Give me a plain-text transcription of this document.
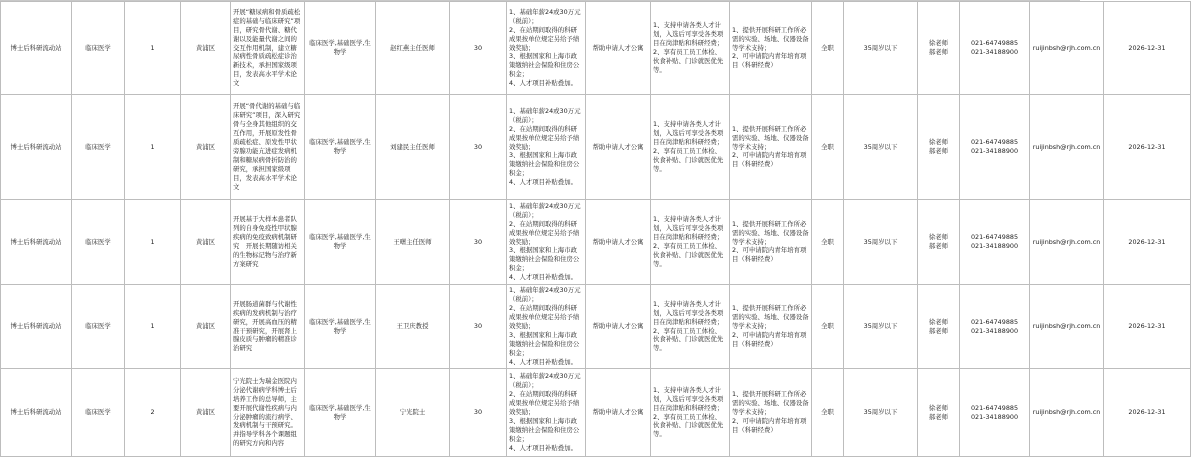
博士后科研流动站	临床医学	1	黄浦区	开展“糖尿病和骨质疏松症的基础与临床研究”项目，研究骨代谢、糖代谢以及能量代谢之间的交互作用机制，建立糖尿病性骨质疏松症诊治新技术，承担国家级项目，发表高水平学术论文	临床医学,基础医学,生物学	赵红燕主任医师	30	1、基础年薪24或30万元（税前）；
2、在站期间取得的科研成果按单位规定另给予绩效奖励；
3、根据国家和上海市政策缴纳社会保险和住房公积金；
4、人才项目补贴叠加。	帮助申请人才公寓	1、支持申请各类人才计划，入选后可享受各类项目在岗津贴和科研经费；
2、享有员工员工体检、伙食补贴、门诊就医优先等。	1、提供开展科研工作所必需的实验、场地、仪器设备等学术支持；
2、可申请院内青年培育项目（科研经费）	全职	35周岁以下	徐老师
郝老师	021-64749885
021-34188900	ruijinbsh@rjh.com.cn	2026-12-31
博士后科研流动站	临床医学	1	黄浦区	开展“骨代谢的基础与临床研究”项目，深入研究骨与全身其他组织的交互作用，开展原发性骨质疏松症、原发性甲状旁腺功能亢进症发病机制和糖尿病骨折防治的研究，承担国家级项目，发表高水平学术论文	临床医学,基础医学,生物学	刘建民主任医师	30	1、基础年薪24或30万元（税前）；
2、在站期间取得的科研成果按单位规定另给予绩效奖励；
3、根据国家和上海市政策缴纳社会保险和住房公积金；
4、人才项目补贴叠加。	帮助申请人才公寓	1、支持申请各类人才计划，入选后可享受各类项目在岗津贴和科研经费；
2、享有员工员工体检、伙食补贴、门诊就医优先等。	1、提供开展科研工作所必需的实验、场地、仪器设备等学术支持；
2、可申请院内青年培育项目（科研经费）	全职	35周岁以下	徐老师
郝老师	021-64749885
021-34188900	ruijinbsh@rjh.com.cn	2026-12-31
博士后科研流动站	临床医学	1	黄浦区	开展基于大样本患者队列的自身免疫性甲状腺疾病的免疫致病机制研究　开展长期随访相关的生物标记物与治疗新方案研究	临床医学,基础医学,生物学	王曙主任医师	30	1、基础年薪24或30万元（税前）；
2、在站期间取得的科研成果按单位规定另给予绩效奖励；
3、根据国家和上海市政策缴纳社会保险和住房公积金；
4、人才项目补贴叠加。	帮助申请人才公寓	1、支持申请各类人才计划，入选后可享受各类项目在岗津贴和科研经费；
2、享有员工员工体检、伙食补贴、门诊就医优先等。	1、提供开展科研工作所必需的实验、场地、仪器设备等学术支持；
2、可申请院内青年培育项目（科研经费）	全职	35周岁以下	徐老师
郝老师	021-64749885
021-34188900	ruijinbsh@rjh.com.cn	2026-12-31
博士后科研流动站	临床医学	1	黄浦区	开展肠道菌群与代谢性疾病的发病机制与治疗研究，开展高血压的精准干预研究，开展肾上腺皮质与肿瘤的精准诊治研究	临床医学,基础医学,生物学	王卫庆教授	30	1、基础年薪24或30万元（税前）；
2、在站期间取得的科研成果按单位规定另给予绩效奖励；
3、根据国家和上海市政策缴纳社会保险和住房公积金；
4、人才项目补贴叠加。	帮助申请人才公寓	1、支持申请各类人才计划，入选后可享受各类项目在岗津贴和科研经费；
2、享有员工员工体检、伙食补贴、门诊就医优先等。	1、提供开展科研工作所必需的实验、场地、仪器设备等学术支持；
2、可申请院内青年培育项目（科研经费）	全职	35周岁以下	徐老师
郝老师	021-64749885
021-34188900	ruijinbsh@rjh.com.cn	2026-12-31
博士后科研流动站	临床医学	2	黄浦区	宁光院士为瑞金医院内分泌代谢病学科博士后培养工作的总导师，主要开展代谢性疾病与内分泌肿瘤的流行病学、发病机制与干预研究。并指导学科各个课题组的研究方向和内容	临床医学,基础医学,生物学	宁光院士	30	1、基础年薪24或30万元（税前）；
2、在站期间取得的科研成果按单位规定另给予绩效奖励；
3、根据国家和上海市政策缴纳社会保险和住房公积金；
4、人才项目补贴叠加。	帮助申请人才公寓	1、支持申请各类人才计划，入选后可享受各类项目在岗津贴和科研经费；
2、享有员工员工体检、伙食补贴、门诊就医优先等。	1、提供开展科研工作所必需的实验、场地、仪器设备等学术支持；
2、可申请院内青年培育项目（科研经费）	全职	35周岁以下	徐老师
郝老师	021-64749885
021-34188900	ruijinbsh@rjh.com.cn	2026-12-31
